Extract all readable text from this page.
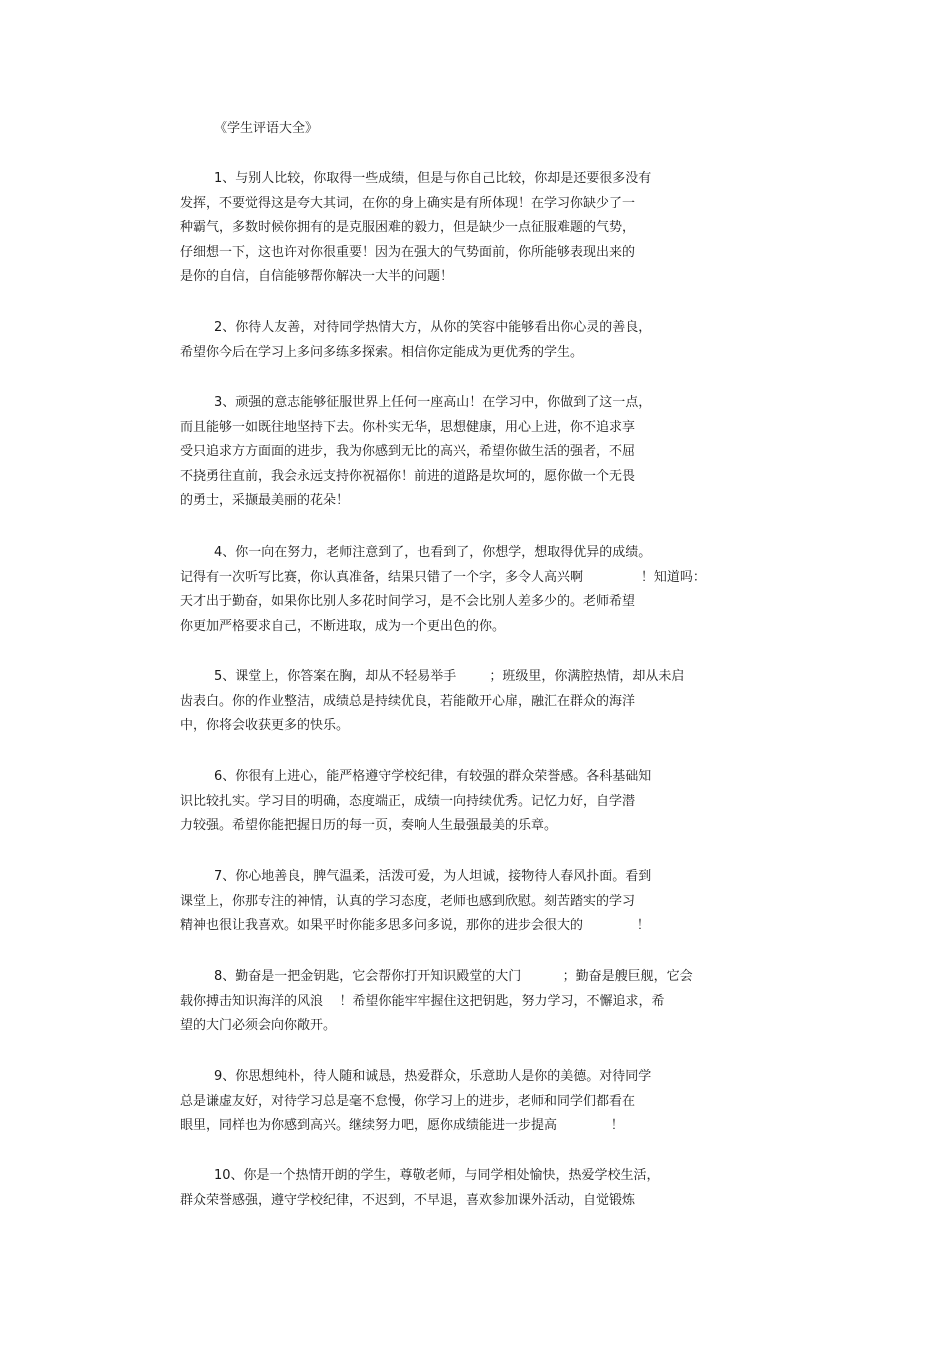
《学生评语大全》
1、与别人比较，你取得一些成绩，但是与你自己比较，你却是还要很多没有
发挥，不要觉得这是夸大其词，在你的身上确实是有所体现！在学习你缺少了一
种霸气，多数时候你拥有的是克服困难的毅力，但是缺少一点征服难题的气势，
仔细想一下，这也许对你很重要！因为在强大的气势面前，你所能够表现出来的
是你的自信，自信能够帮你解决一大半的问题！
2、你待人友善，对待同学热情大方，从你的笑容中能够看出你心灵的善良，
希望你今后在学习上多问多练多探索。相信你定能成为更优秀的学生。
3、顽强的意志能够征服世界上任何一座高山！在学习中，你做到了这一点，
而且能够一如既往地坚持下去。你朴实无华，思想健康，用心上进，你不追求享
受只追求方方面面的进步，我为你感到无比的高兴，希望你做生活的强者，不屈
不挠勇往直前，我会永远支持你祝福你！前进的道路是坎坷的，愿你做一个无畏
的勇士，采撷最美丽的花朵！
4、你一向在努力，老师注意到了，也看到了，你想学，想取得优异的成绩。
记得有一次听写比赛，你认真准备，结果只错了一个字，多令人高兴啊              ！知道吗：
天才出于勤奋，如果你比别人多花时间学习，是不会比别人差多少的。老师希望
你更加严格要求自己，不断进取，成为一个更出色的你。
5、课堂上，你答案在胸，却从不轻易举手        ；班级里，你满腔热情，却从未启
齿表白。你的作业整洁，成绩总是持续优良，若能敞开心扉，融汇在群众的海洋
中，你将会收获更多的快乐。
6、你很有上进心，能严格遵守学校纪律，有较强的群众荣誉感。各科基础知
识比较扎实。学习目的明确，态度端正，成绩一向持续优秀。记忆力好，自学潜
力较强。希望你能把握日历的每一页，奏响人生最强最美的乐章。
7、你心地善良，脾气温柔，活泼可爱，为人坦诚，接物待人春风扑面。看到
课堂上，你那专注的神情，认真的学习态度，老师也感到欣慰。刻苦踏实的学习
精神也很让我喜欢。如果平时你能多思多问多说，那你的进步会很大的             ！
8、勤奋是一把金钥匙，它会帮你打开知识殿堂的大门          ；勤奋是艘巨舰，它会
载你搏击知识海洋的风浪    ！希望你能牢牢握住这把钥匙，努力学习，不懈追求，希
望的大门必须会向你敞开。
9、你思想纯朴，待人随和诚恳，热爱群众，乐意助人是你的美德。对待同学
总是谦虚友好，对待学习总是毫不怠慢，你学习上的进步，老师和同学们都看在
眼里，同样也为你感到高兴。继续努力吧，愿你成绩能进一步提高             ！
10、你是一个热情开朗的学生，尊敬老师，与同学相处愉快，热爱学校生活，
群众荣誉感强，遵守学校纪律，不迟到，不早退，喜欢参加课外活动，自觉锻炼
